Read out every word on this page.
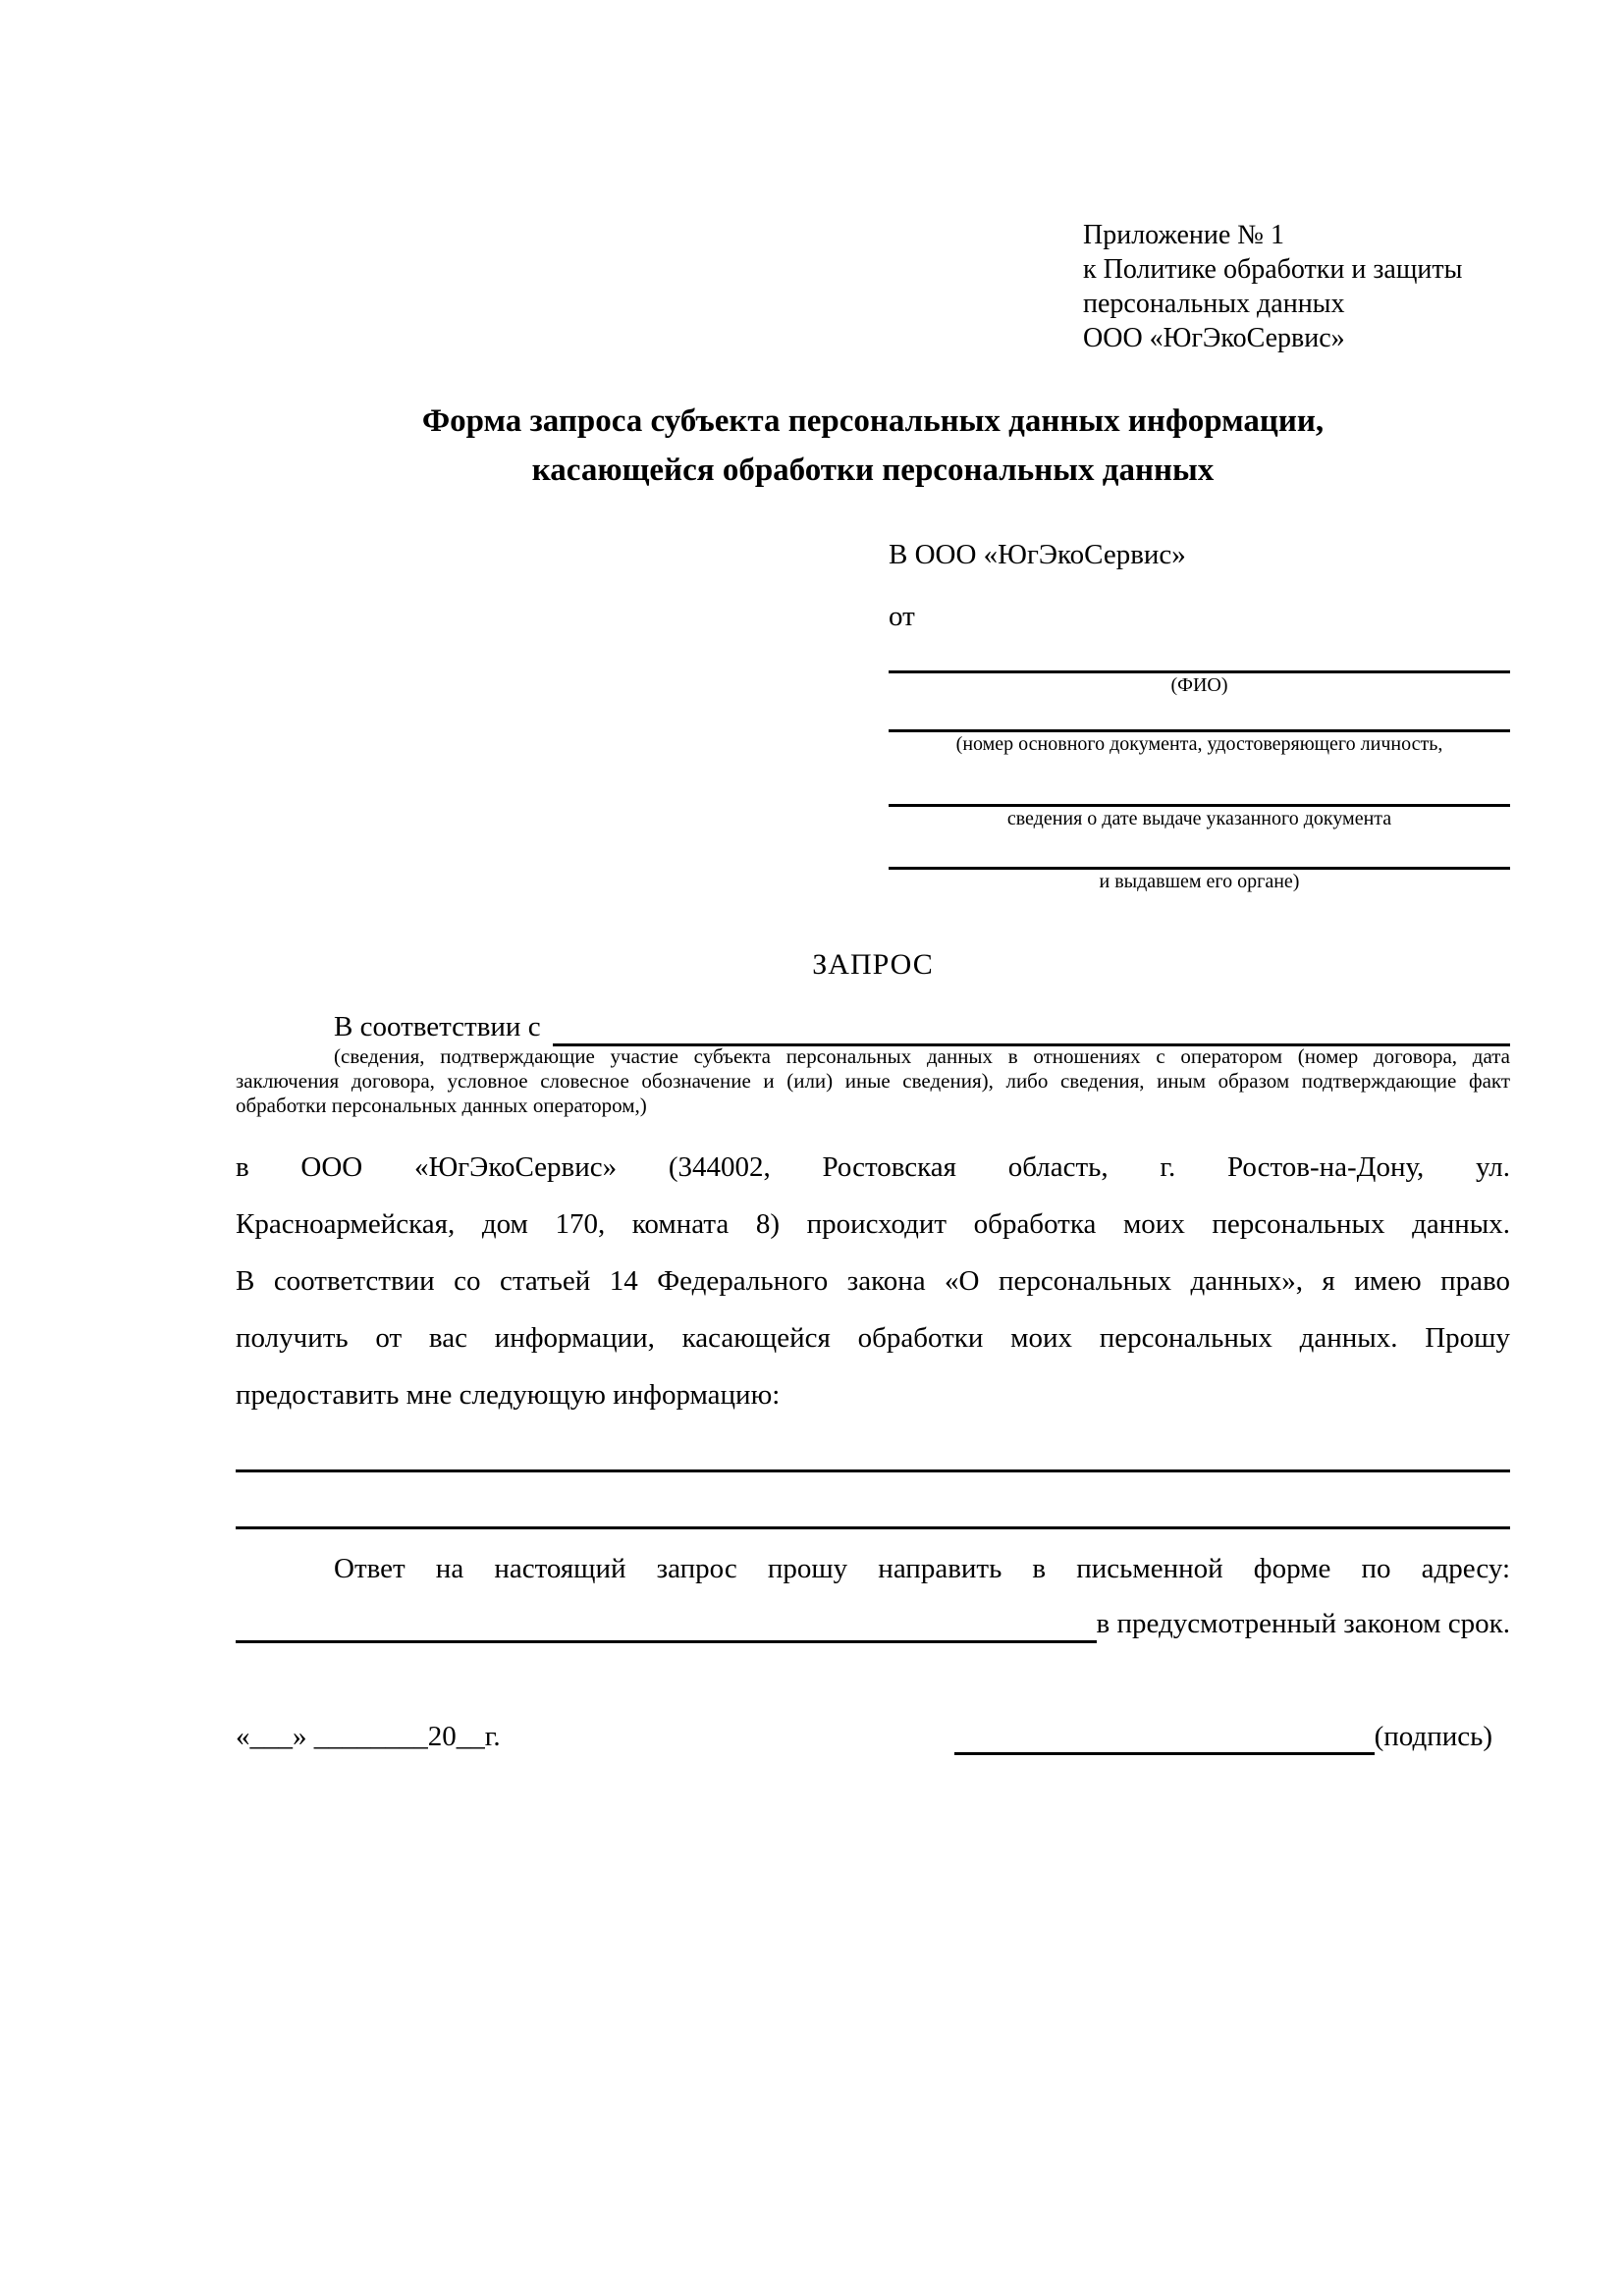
Приложение № 1
к Политике обработки и защиты
персональных данных
ООО «ЮгЭкоСервис»
Форма запроса субъекта персональных данных информации,
касающейся обработки персональных данных
В ООО «ЮгЭкоСервис»
от
(ФИО)
(номер основного документа, удостоверяющего личность,
сведения о дате выдаче указанного документа
и выдавшем его органе)
ЗАПРОС
В соответствии с
(сведения, подтверждающие участие субъекта персональных данных в отношениях с оператором (номер договора, дата
заключения договора, условное словесное обозначение и (или) иные сведения), либо сведения, иным образом подтверждающие факт
обработки персональных данных оператором,)
в ООО «ЮгЭкоСервис» (344002, Ростовская область, г. Ростов-на-Дону, ул.
Красноармейская, дом 170, комната 8) происходит обработка моих персональных данных.
В соответствии со статьей 14 Федерального закона «О персональных данных», я имею право
получить от вас информации, касающейся обработки моих персональных данных. Прошу
предоставить мне следующую информацию:
Ответ на настоящий запрос прошу направить в письменной форме по адресу:
в предусмотренный законом срок.
«___» ________20__г.	(подпись)
